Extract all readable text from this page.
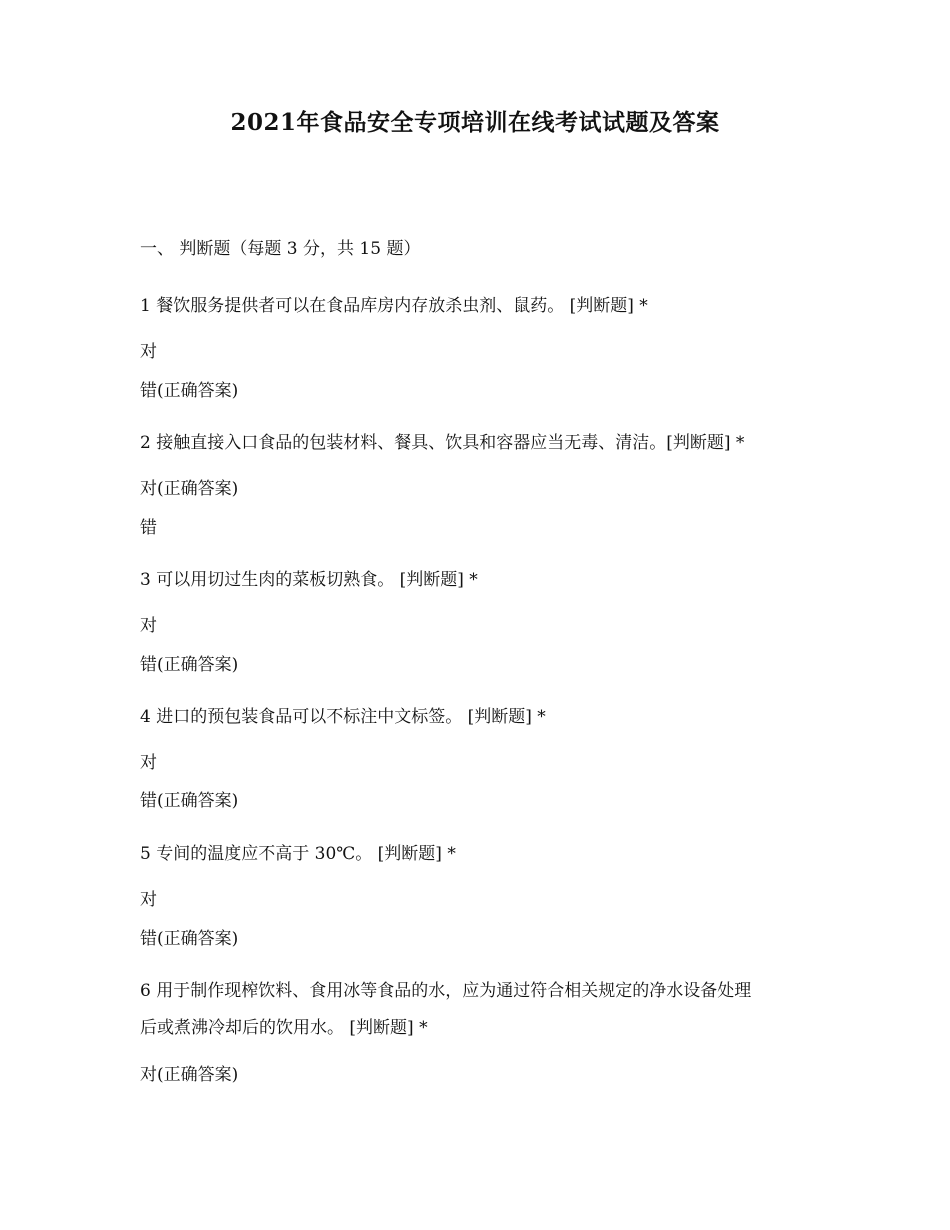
2021年食品安全专项培训在线考试试题及答案
一、 判断题（每题 3 分，共 15 题）
1 餐饮服务提供者可以在食品库房内存放杀虫剂、鼠药。 [判断题] *
对
错(正确答案)
2 接触直接入口食品的包装材料、餐具、饮具和容器应当无毒、清洁。[判断题] *
对(正确答案)
错
3 可以用切过生肉的菜板切熟食。 [判断题] *
对
错(正确答案)
4 进口的预包装食品可以不标注中文标签。 [判断题] *
对
错(正确答案)
5 专间的温度应不高于 30℃。 [判断题] *
对
错(正确答案)
6 用于制作现榨饮料、食用冰等食品的水，应为通过符合相关规定的净水设备处理
后或煮沸冷却后的饮用水。 [判断题] *
对(正确答案)
